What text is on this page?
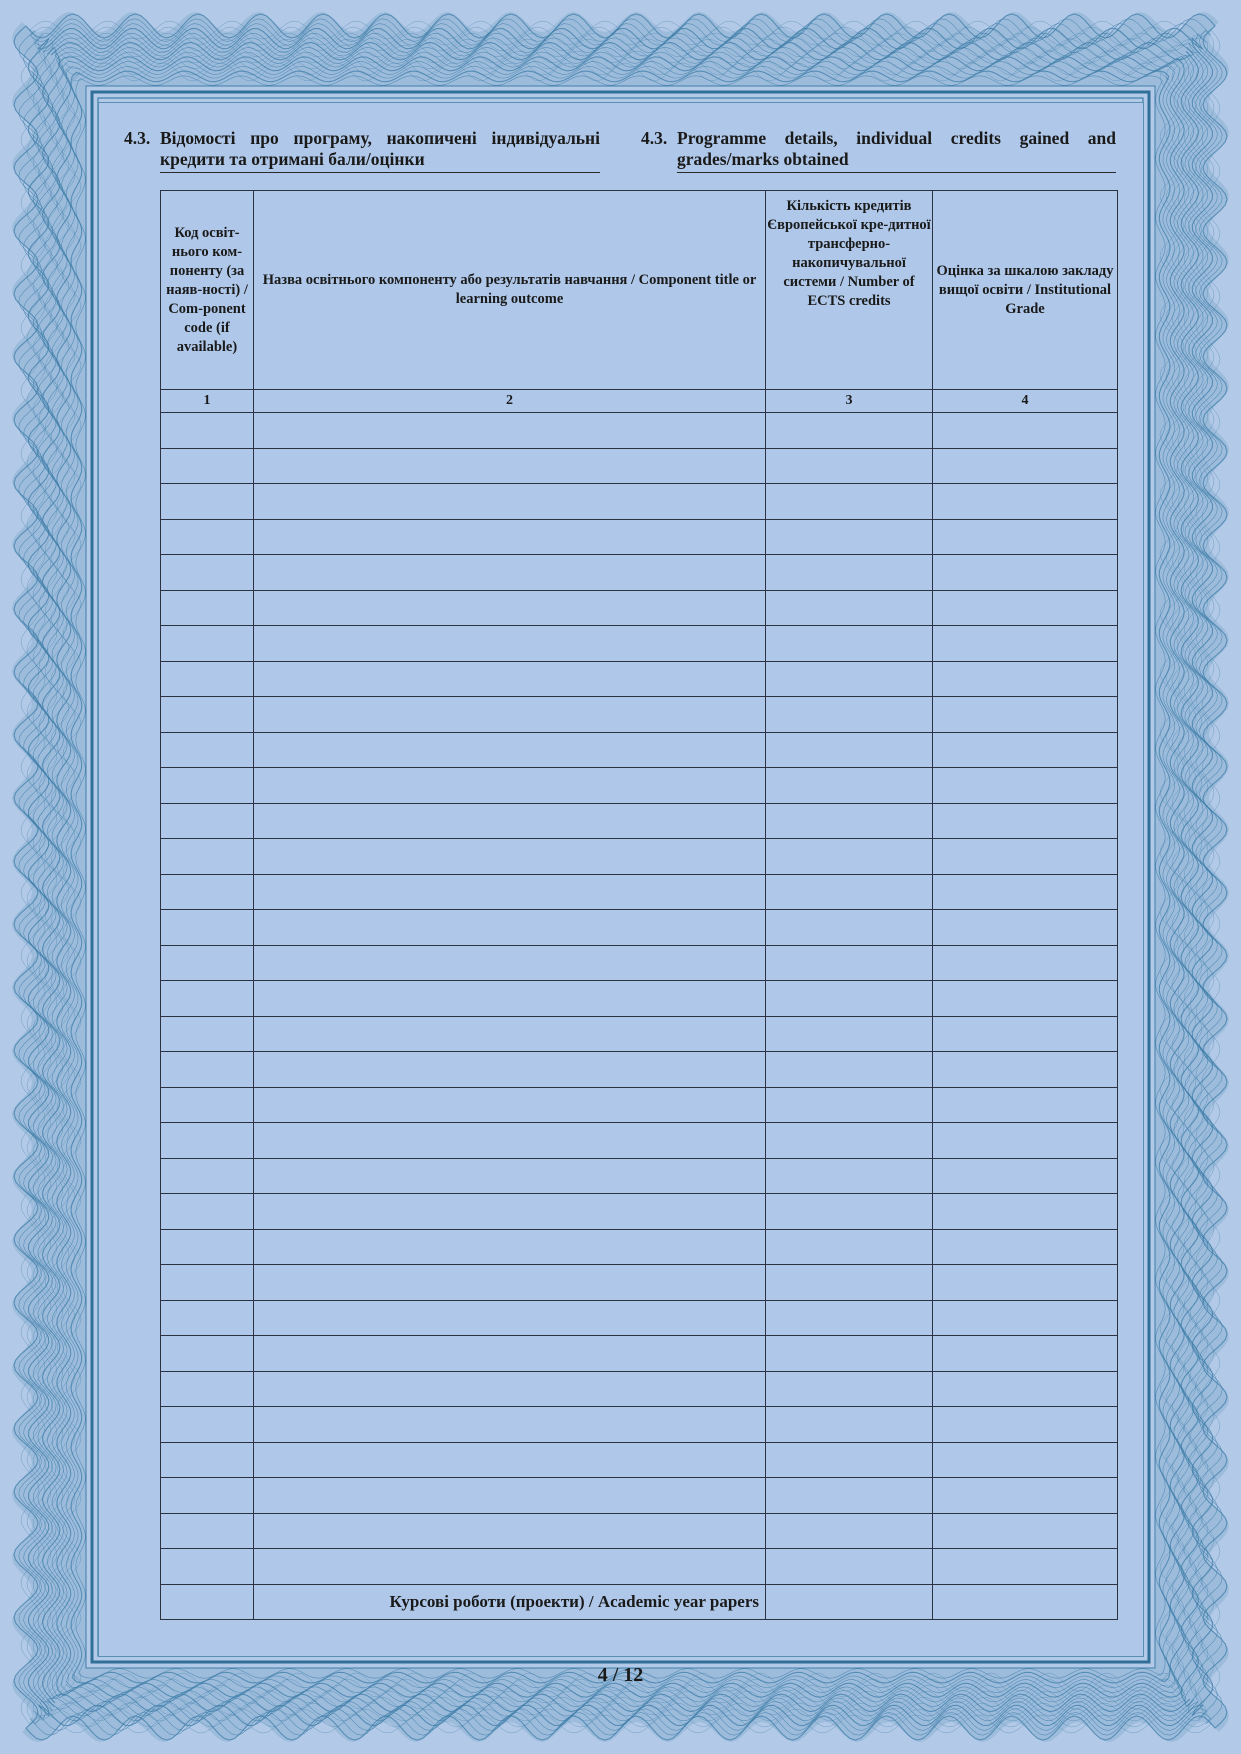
4.3. Відомості про програму, накопичені індивідуальні кредити та отримані бали/оцінки
4.3. Programme details, individual credits gained and grades/marks obtained
Код освіт- нього ком-поненту (за наяв-ності) / Com-ponent code (if available)	Назва освітнього компоненту або результатів навчання / Component title or learning outcome	Кількість кредитів Європейської кре-дитної трансферно-накопичувальної системи / Number of ECTS credits	Оцінка за шкалою закладу вищої освіти / Institutional Grade
1	2	3	4

	Курсові роботи (проекти) / Academic year papers		
4 / 12
